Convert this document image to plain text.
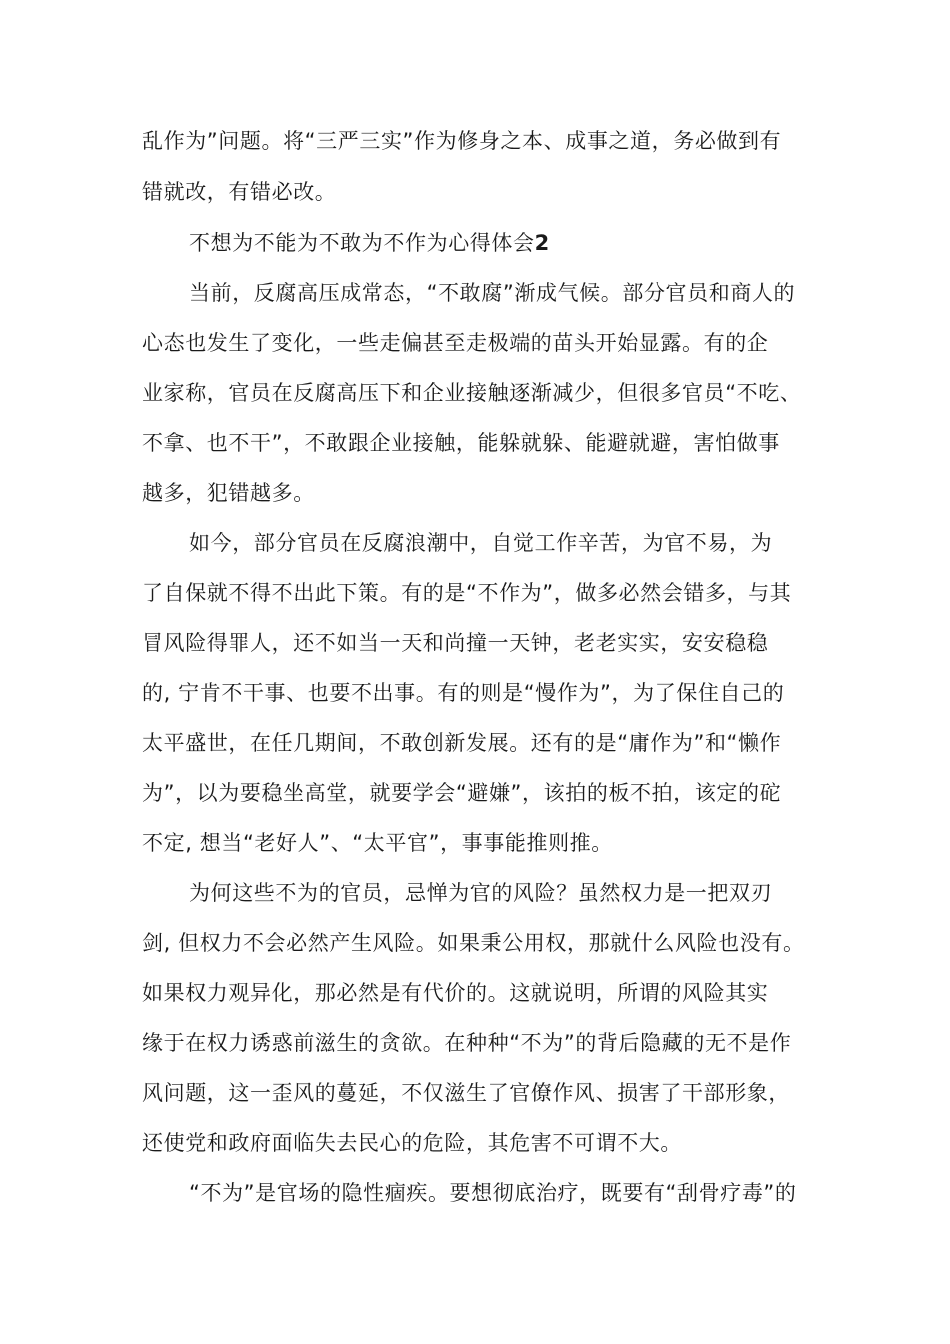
乱作为”问题。将“三严三实”作为修身之本、成事之道，务必做到有

错就改，有错必改。

不想为不能为不敢为不作为心得体会2

当前，反腐高压成常态，“不敢腐”渐成气候。部分官员和商人的

心态也发生了变化，一些走偏甚至走极端的苗头开始显露。有的企

业家称，官员在反腐高压下和企业接触逐渐减少，但很多官员“不吃、

不拿、也不干”，不敢跟企业接触，能躲就躲、能避就避，害怕做事

越多，犯错越多。

如今，部分官员在反腐浪潮中，自觉工作辛苦，为官不易，为

了自保就不得不出此下策。有的是“不作为”，做多必然会错多，与其

冒风险得罪人，还不如当一天和尚撞一天钟，老老实实，安安稳稳

的, 宁肯不干事、也要不出事。有的则是“慢作为”，为了保住自己的

太平盛世，在任几期间，不敢创新发展。还有的是“庸作为”和“懒作

为”，以为要稳坐高堂，就要学会“避嫌”，该拍的板不拍，该定的砣

不定, 想当“老好人”、“太平官”，事事能推则推。

为何这些不为的官员，忌惮为官的风险？虽然权力是一把双刃

剑, 但权力不会必然产生风险。如果秉公用权，那就什么风险也没有。

如果权力观异化，那必然是有代价的。这就说明，所谓的风险其实

缘于在权力诱惑前滋生的贪欲。在种种“不为”的背后隐藏的无不是作

风问题，这一歪风的蔓延，不仅滋生了官僚作风、损害了干部形象，

还使党和政府面临失去民心的危险，其危害不可谓不大。

“不为”是官场的隐性痼疾。要想彻底治疗，既要有“刮骨疗毒”的
